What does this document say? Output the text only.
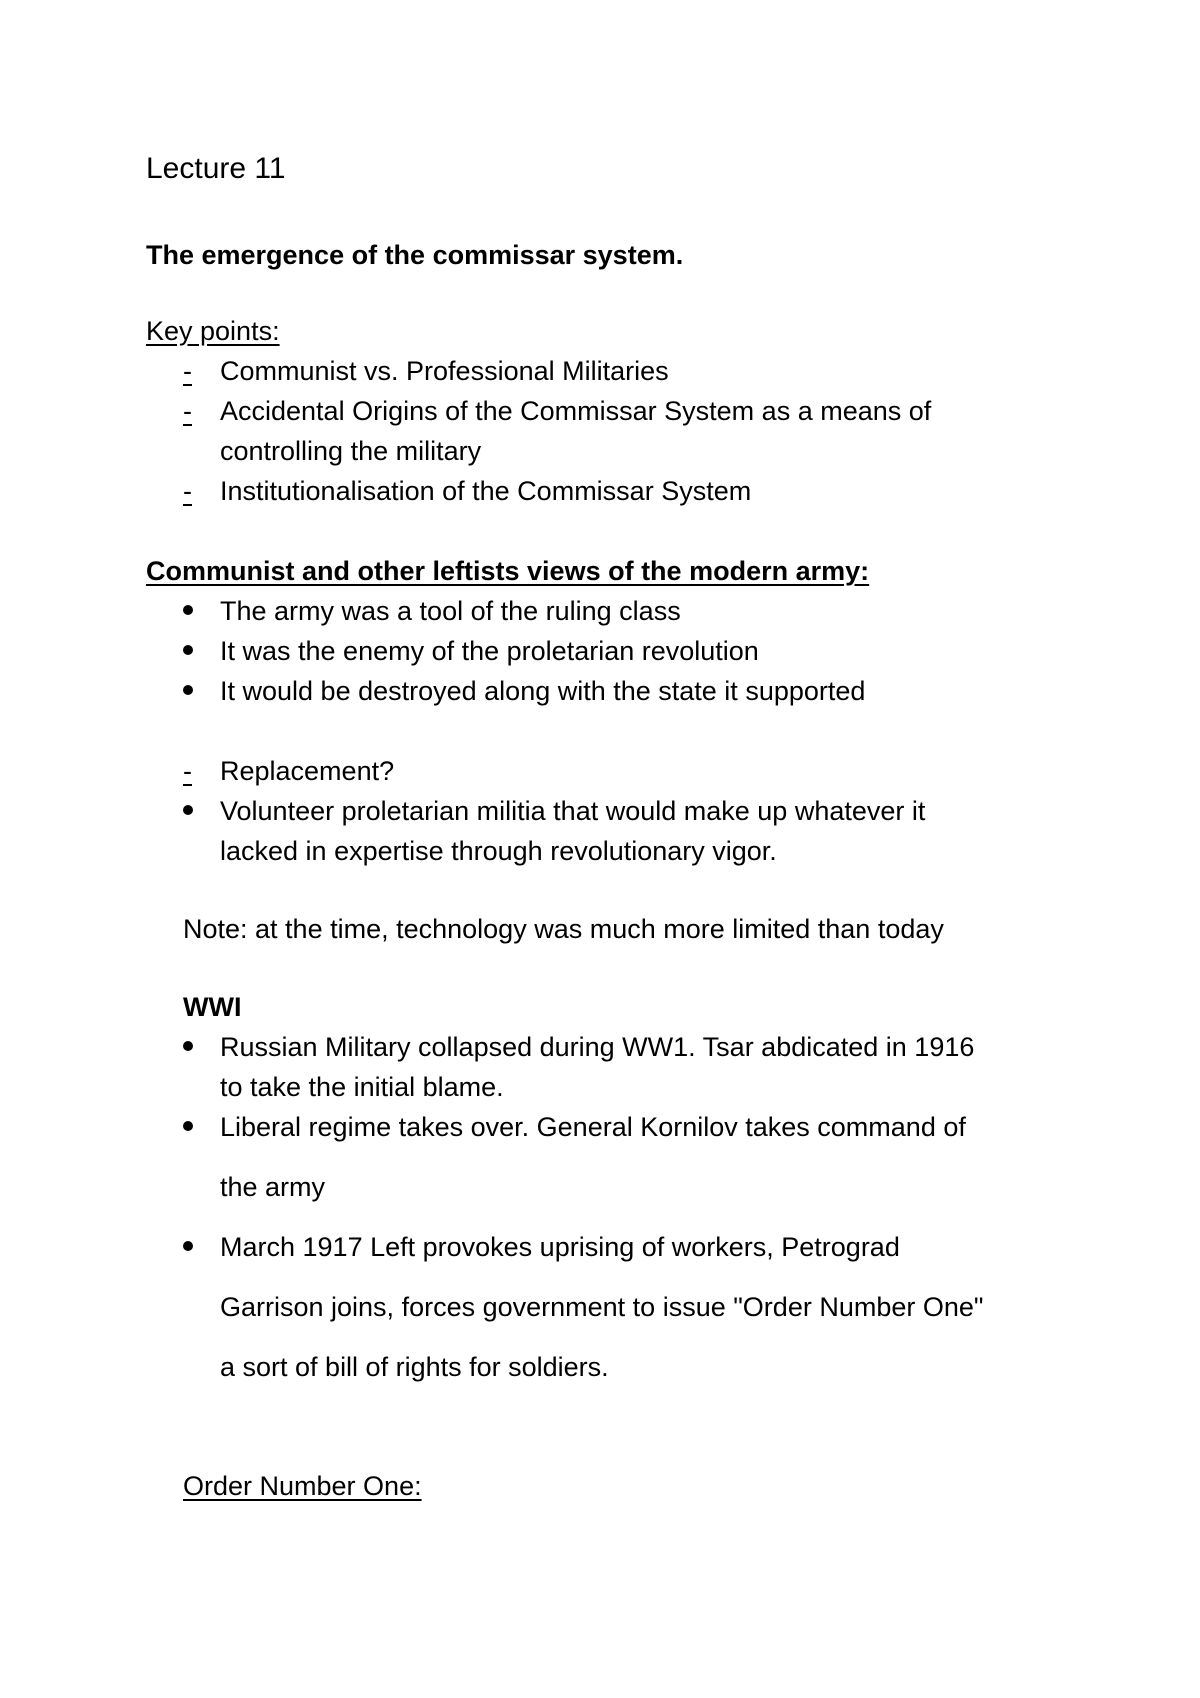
Lecture 11

The emergence of the commissar system.

Key points:

- Communist vs. Professional Militaries

- Accidental Origins of the Commissar System as a means of

controlling the military

- Institutionalisation of the Commissar System

Communist and other leftists views of the modern army:

The army was a tool of the ruling class

It was the enemy of the proletarian revolution

It would be destroyed along with the state it supported

- Replacement?

Volunteer proletarian militia that would make up whatever it

lacked in expertise through revolutionary vigor.

Note: at the time, technology was much more limited than today

WWI

Russian Military collapsed during WW1. Tsar abdicated in 1916

to take the initial blame.

Liberal regime takes over. General Kornilov takes command of

the army

March 1917 Left provokes uprising of workers, Petrograd

Garrison joins, forces government to issue "Order Number One"

a sort of bill of rights for soldiers.

Order Number One:
